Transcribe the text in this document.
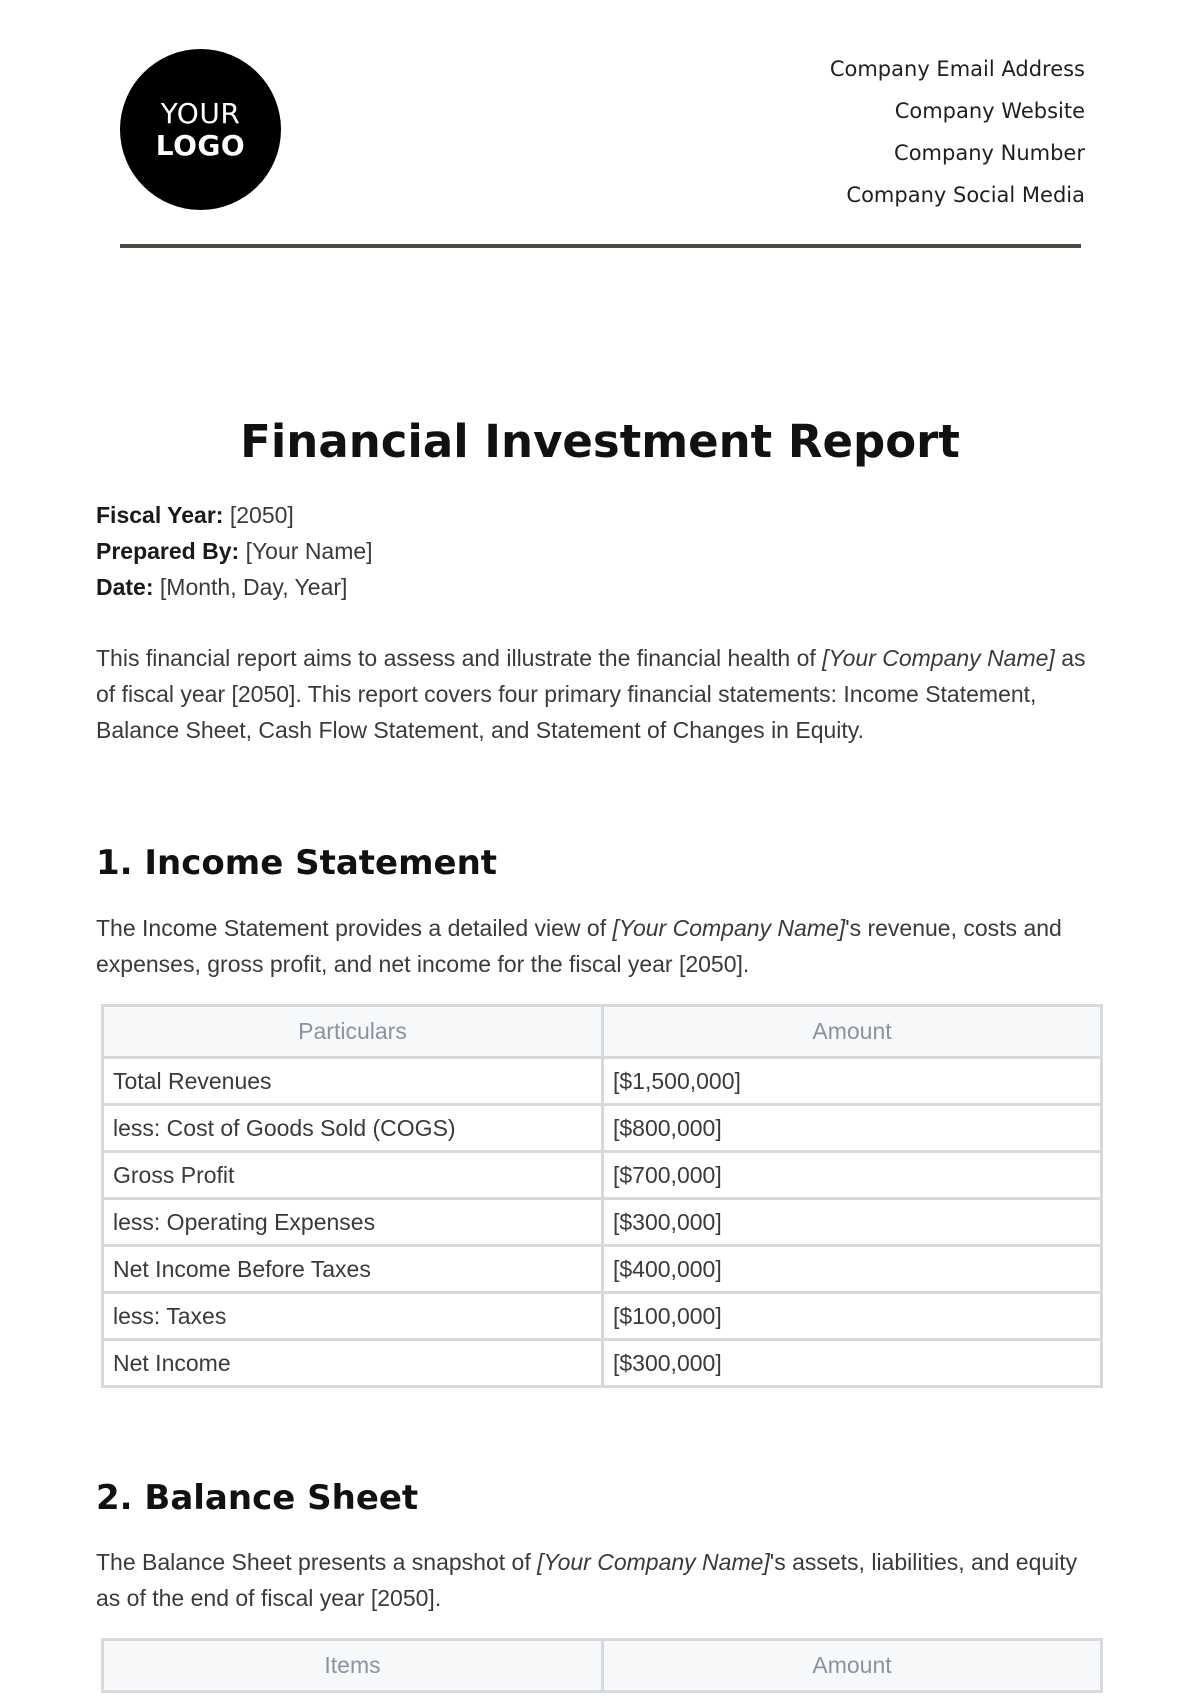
YOUR
LOGO
Company Email Address
Company Website
Company Number
Company Social Media
Financial Investment Report
Fiscal Year: [2050]
Prepared By: [Your Name]
Date: [Month, Day, Year]

This financial report aims to assess and illustrate the financial health of [Your Company Name] as of fiscal year [2050]. This report covers four primary financial statements: Income Statement, Balance Sheet, Cash Flow Statement, and Statement of Changes in Equity.

1. Income Statement

The Income Statement provides a detailed view of [Your Company Name]'s revenue, costs and expenses, gross profit, and net income for the fiscal year [2050].

Particulars	Amount
Total Revenues	[$1,500,000]
less: Cost of Goods Sold (COGS)	[$800,000]
Gross Profit	[$700,000]
less: Operating Expenses	[$300,000]
Net Income Before Taxes	[$400,000]
less: Taxes	[$100,000]
Net Income	[$300,000]
2. Balance Sheet

The Balance Sheet presents a snapshot of [Your Company Name]'s assets, liabilities, and equity as of the end of fiscal year [2050].

Items	Amount
